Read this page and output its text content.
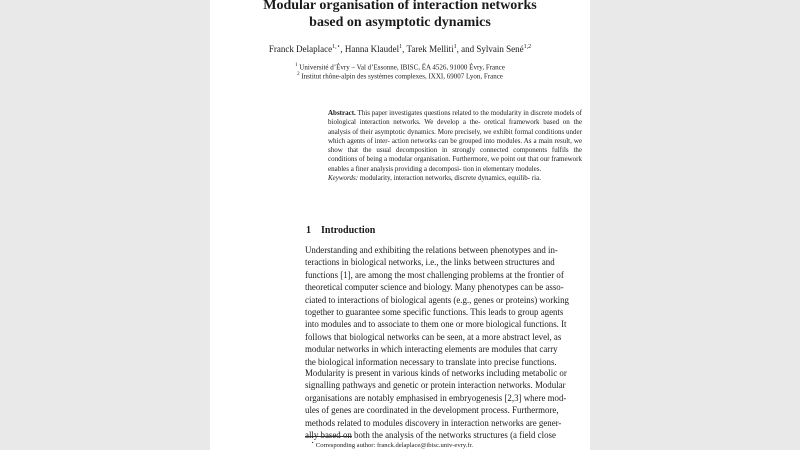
Modular organisation of interaction networks
based on asymptotic dynamics
Franck Delaplace$^{1,⋆}$, Hanna Klaudel$^1$, Tarek Melliti$^1$, and Sylvain Sené$^{1,2}$
$^1$ Université d’Évry – Val d’Essonne, IBISC, ÉA 4526, 91000 Évry, France
$^2$ Institut rhône-alpin des systèmes complexes, IXXI, 69007 Lyon, France
Abstract. This paper investigates questions related to the modularity in discrete models of biological interaction networks. We develop a the- oretical framework based on the analysis of their asymptotic dynamics. More precisely, we exhibit formal conditions under which agents of inter- action networks can be grouped into modules. As a main result, we show that the usual decomposition in strongly connected components fulfils the conditions of being a modular organisation. Furthermore, we point out that our framework enables a finer analysis providing a decomposi- tion in elementary modules.
Keywords: modularity, interaction networks, discrete dynamics, equilib- ria.
1 Introduction
Understanding and exhibiting the relations between phenotypes and in-
teractions in biological networks, i.e., the links between structures and
functions [1], are among the most challenging problems at the frontier of
theoretical computer science and biology. Many phenotypes can be asso-
ciated to interactions of biological agents (e.g., genes or proteins) working
together to guarantee some specific functions. This leads to group agents
into modules and to associate to them one or more biological functions. It
follows that biological networks can be seen, at a more abstract level, as
modular networks in which interacting elements are modules that carry
the biological information necessary to translate into precise functions.
Modularity is present in various kinds of networks including metabolic or
signalling pathways and genetic or protein interaction networks. Modular
organisations are notably emphasised in embryogenesis [2,3] where mod-
ules of genes are coordinated in the development process. Furthermore,
methods related to modules discovery in interaction networks are gener-
ally based on both the analysis of the networks structures (a field close
⋆ Corresponding author: franck.delaplace@ibisc.univ-evry.fr.
